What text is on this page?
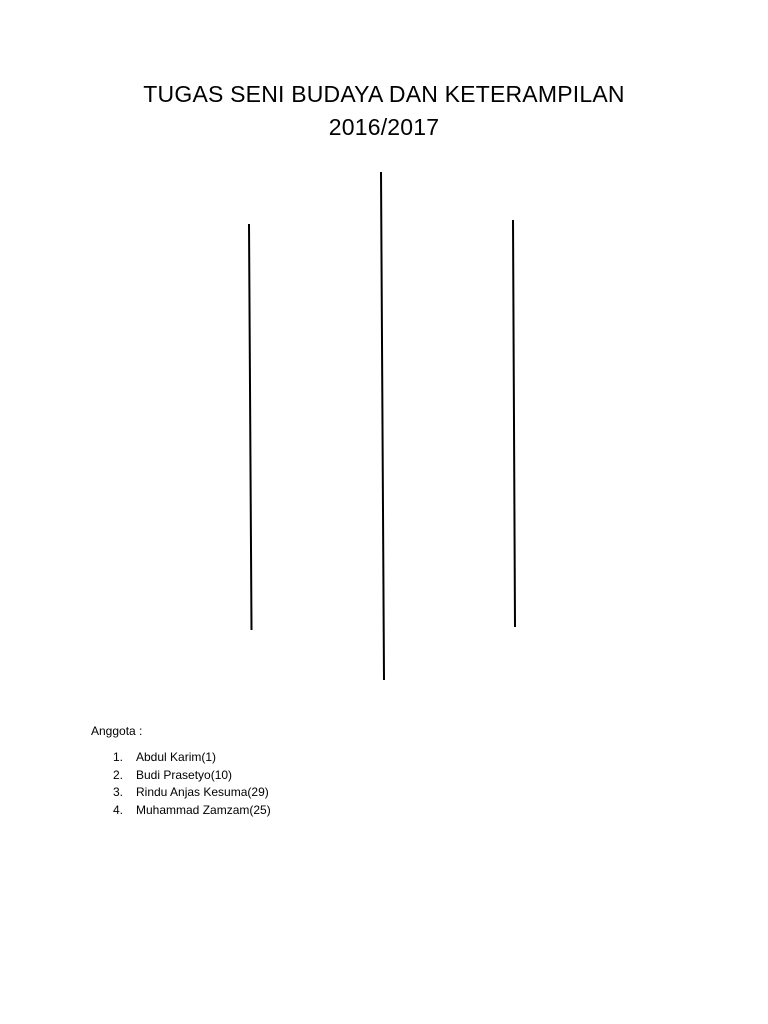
TUGAS SENI BUDAYA DAN KETERAMPILAN
2016/2017
Anggota :
1. Abdul Karim(1)
2. Budi Prasetyo(10)
3. Rindu Anjas Kesuma(29)
4. Muhammad Zamzam(25)
